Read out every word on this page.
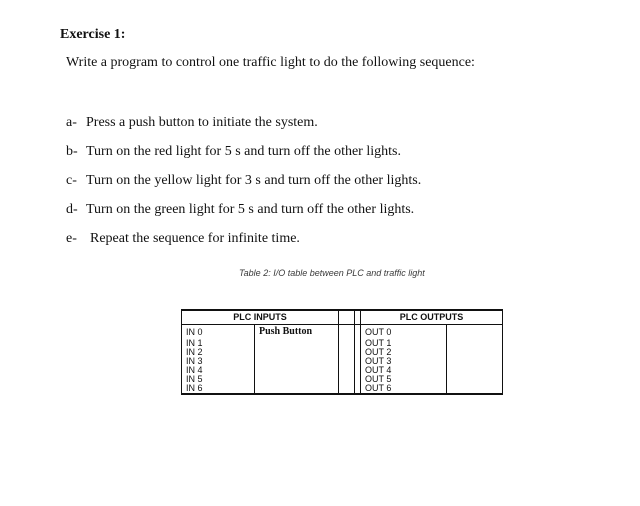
Exercise 1:
Write a program to control one traffic light to do the following sequence:
a- Press a push button to initiate the system.
b- Turn on the red light for 5 s and turn off the other lights.
c- Turn on the yellow light for 3 s and turn off the other lights.
d- Turn on the green light for 5 s and turn off the other lights.
e- Repeat the sequence for infinite time.
Table 2: I/O table between PLC and traffic light
PLC INPUTS				PLC OUTPUTS	
IN 0	Push Button			OUT 0	
IN 1				OUT 1	
IN 2				OUT 2	
IN 3				OUT 3	
IN 4				OUT 4	
IN 5				OUT 5	
IN 6				OUT 6	
